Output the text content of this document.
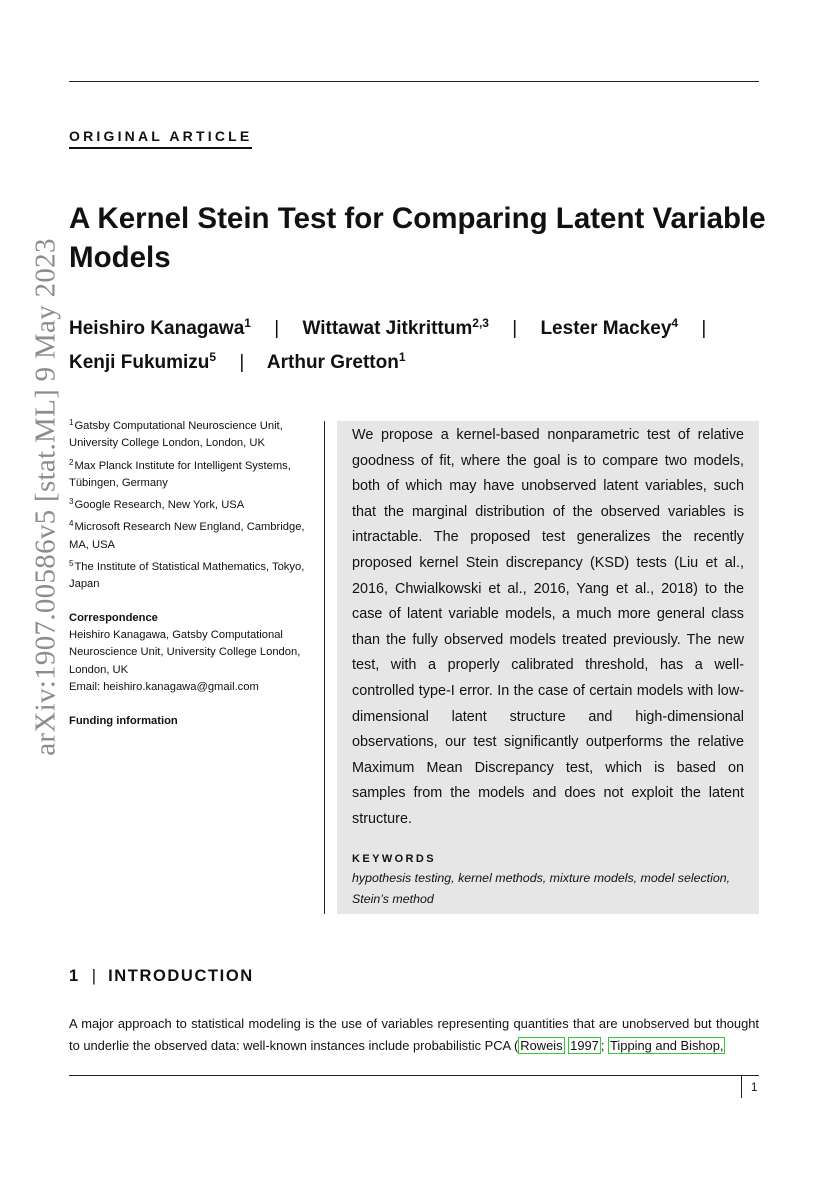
arXiv:1907.00586v5 [stat.ML] 9 May 2023
ORIGINAL ARTICLE
A Kernel Stein Test for Comparing Latent Variable Models
Heishiro Kanagawa$^1$ | Wittawat Jitkrittum$^{2,3}$ | Lester Mackey$^4$ | Kenji Fukumizu$^5$ | Arthur Gretton$^1$
$^1$Gatsby Computational Neuroscience Unit, University College London, London, UK
$^2$Max Planck Institute for Intelligent Systems, Tübingen, Germany
$^3$Google Research, New York, USA
$^4$Microsoft Research New England, Cambridge, MA, USA
$^5$The Institute of Statistical Mathematics, Tokyo, Japan
Correspondence
Heishiro Kanagawa, Gatsby Computational Neuroscience Unit, University College London, London, UK
Email: heishiro.kanagawa@gmail.com
Funding information

We propose a kernel-based nonparametric test of relative goodness of fit, where the goal is to compare two models, both of which may have unobserved latent variables, such that the marginal distribution of the observed variables is intractable. The proposed test generalizes the recently proposed kernel Stein discrepancy (KSD) tests (Liu et al., 2016, Chwialkowski et al., 2016, Yang et al., 2018) to the case of latent variable models, a much more general class than the fully observed models treated previously. The new test, with a properly calibrated threshold, has a well-controlled type-I error. In the case of certain models with low-dimensional latent structure and high-dimensional observations, our test significantly outperforms the relative Maximum Mean Discrepancy test, which is based on samples from the models and does not exploit the latent structure.

KEYWORDS
hypothesis testing, kernel methods, mixture models, model selection, Stein’s method
1 | INTRODUCTION

A major approach to statistical modeling is the use of variables representing quantities that are unobserved but thought to underlie the observed data: well-known instances include probabilistic PCA ( Roweis 1997 ; Tipping and Bishop,

1
